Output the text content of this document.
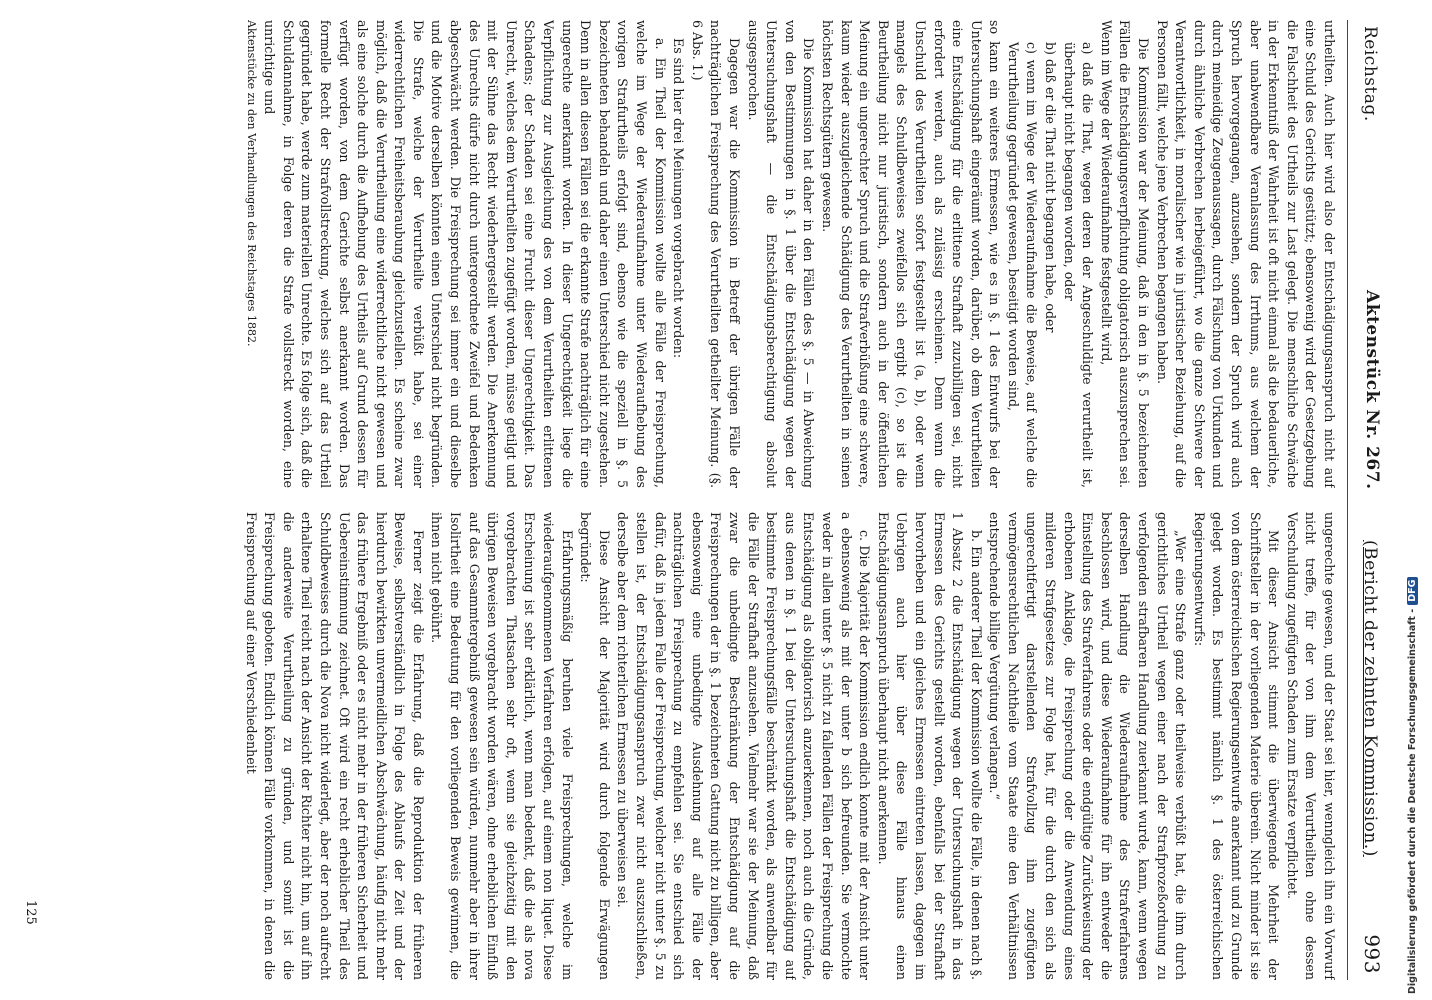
Reichstag.
Aktenstück Nr. 267.
(Bericht der zehnten Kommission.)
993

urtheilten. Auch hier wird also der Entschädigungsanspruch nicht auf eine Schuld des Gerichts gestützt; ebensowenig wird der Gesetzgebung die Falschheit des Urtheils zur Last gelegt. Die menschliche Schwäche in der Erkenntniß der Wahrheit ist oft nicht einmal als die bedauerliche, aber unabwendbare Veranlassung des Irrthums, aus welchem der Spruch hervorgegangen, anzusehen, sondern der Spruch wird auch durch meineidige Zeugenaussagen, durch Fälschung von Urkunden und durch ähnliche Verbrechen herbeigeführt, wo die ganze Schwere der Verantwortlichkeit, in moralischer wie in juristischer Beziehung, auf die Personen fällt, welche jene Verbrechen begangen haben.

Die Kommission war der Meinung, daß in den in §. 5 bezeichneten Fällen die Entschädigungsverpflichtung obligatorisch auszusprechen sei. Wenn im Wege der Wiederaufnahme festgestellt wird,

a) daß die That, wegen deren der Angeschuldigte verurtheilt ist, überhaupt nicht begangen worden, oder

b) daß er die That nicht begangen habe, oder

c) wenn im Wege der Wiederaufnahme die Beweise, auf welche die Verurtheilung gegründet gewesen, beseitigt worden sind,

so kann ein weiteres Ermessen, wie es in §. 1 des Entwurfs bei der Untersuchungshaft eingeräumt worden, darüber, ob dem Verurtheilten eine Entschädigung für die erlittene Strafhaft zuzubilligen sei, nicht erfordert werden, auch als zulässig erscheinen. Denn wenn die Unschuld des Verurtheilten sofort festgestellt ist (a, b), oder wenn mangels des Schuldbeweises zweifellos sich ergibt (c), so ist die Beurtheilung nicht nur juristisch, sondern auch in der öffentlichen Meinung ein ungerechter Spruch und die Strafverbüßung eine schwere, kaum wieder auszugleichende Schädigung des Verurtheilten in seinen höchsten Rechtsgütern gewesen.

Die Kommission hat daher in den Fällen des §. 5 — in Abweichung von den Bestimmungen in §. 1 über die Entschädigung wegen der Untersuchungshaft — die Entschädigungsberechtigung absolut ausgesprochen.

Dagegen war die Kommission in Betreff der übrigen Fälle der nachträglichen Freisprechung des Verurtheilten getheilter Meinung. (§. 6 Abs. 1.)

Es sind hier drei Meinungen vorgebracht worden:

a. Ein Theil der Kommission wollte alle Fälle der Freisprechung, welche im Wege der Wiederaufnahme unter Wiederaufhebung des vorigen Strafurtheils erfolgt sind, ebenso wie die speziell in §. 5 bezeichneten behandeln und daher einen Unterschied nicht zugestehen. Denn in allen diesen Fällen sei die erkannte Strafe nachträglich für eine ungerechte anerkannt worden. In dieser Ungerechtigkeit liege die Verpflichtung zur Ausgleichung des von dem Verurtheilten erlittenen Schadens; der Schaden sei eine Frucht dieser Ungerechtigkeit. Das Unrecht, welches dem Verurtheilten zugefügt worden, müsse getilgt und mit der Sühne das Recht wiederhergestellt werden. Die Anerkennung des Unrechts dürfe nicht durch untergeordnete Zweifel und Bedenken abgeschwächt werden. Die Freisprechung sei immer ein und dieselbe und die Motive derselben könnten einen Unterschied nicht begründen. Die Strafe, welche der Verurtheilte verbüßt habe, sei einer widerrechtlichen Freiheitsberaubung gleichzustellen. Es scheine zwar möglich, daß die Verurtheilung eine widerrechtliche nicht gewesen und als eine solche durch die Aufhebung des Urtheils auf Grund dessen für verfügt worden, von dem Gerichte selbst anerkannt worden. Das formelle Recht der Strafvollstreckung, welches sich auf das Urtheil gegründet habe, werde zum materiellen Unrechte. Es folge sich, daß die Schuldannahme, in Folge deren die Strafe vollstreckt worden, eine unrichtige und

Aktenstücke zu den Verhandlungen des Reichstages 1882.

ungerechte gewesen, und der Staat sei hier, wenngleich ihn ein Vorwurf nicht treffe, für der von ihm dem Verurtheilten ohne dessen Verschuldung zugefügten Schaden zum Ersatze verpflichtet.

Mit dieser Ansicht stimmt die überwiegende Mehrheit der Schriftsteller in der vorliegenden Materie überein. Nicht minder ist sie von dem österreichischen Regierungsentwurfe anerkannt und zu Grunde gelegt worden. Es bestimmt nämlich §. 1 des österreichischen Regierungsentwurfs:

„Wer eine Strafe ganz oder theilweise verbüßt hat, die ihm durch gerichtliches Urtheil wegen einer nach der Strafprozeßordnung zu verfolgenden strafbaren Handlung zuerkannt wurde, kann, wenn wegen derselben Handlung die Wiederaufnahme des Strafverfahrens beschlossen wird, und diese Wiederaufnahme für ihn entweder die Einstellung des Strafverfahrens oder die endgültige Zurückweisung der erhobenen Anklage, die Freisprechung oder die Anwendung eines milderen Strafgesetzes zur Folge hat, für die durch den sich als ungerechtfertigt darstellenden Strafvollzug ihm zugefügten vermögensrechtlichen Nachtheile vom Staate eine den Verhältnissen entsprechende billige Vergütung verlangen.“

b. Ein anderer Theil der Kommission wollte die Fälle, in denen nach §. 1 Absatz 2 die Entschädigung wegen der Untersuchungshaft in das Ermessen des Gerichts gestellt worden, ebenfalls bei der Strafhaft hervorheben und ein gleiches Ermessen eintreten lassen, dagegen im Uebrigen auch hier über diese Fälle hinaus einen Entschädigungsanspruch überhaupt nicht anerkennen.

c. Die Majorität der Kommission endlich konnte mit der Ansicht unter a ebensowenig als mit der unter b sich befreunden. Sie vermochte weder in allen unter §. 5 nicht zu fallenden Fällen der Freisprechung die Entschädigung als obligatorisch anzuerkennen, noch auch die Gründe, aus denen in §. 1 bei der Untersuchungshaft die Entschädigung auf bestimmte Freisprechungsfälle beschränkt worden, als anwendbar für die Fälle der Strafhaft anzusehen. Vielmehr war sie der Meinung, daß zwar die unbedingte Beschränkung der Entschädigung auf die Freisprechungen der in §. 1 bezeichneten Gattung nicht zu billigen, aber ebensowenig eine unbedingte Ausdehnung auf alle Fälle der nachträglichen Freisprechung zu empfehlen sei. Sie entschied sich dafür, daß in jedem Falle der Freisprechung, welcher nicht unter §. 5 zu stellen ist, der Entschädigungsanspruch zwar nicht auszuschließen, derselbe aber dem richterlichen Ermessen zu überweisen sei.

Diese Ansicht der Majorität wird durch folgende Erwägungen begründet:

Erfahrungsmäßig beruhen viele Freisprechungen, welche im wiederaufgenommenen Verfahren erfolgen, auf einem non liquet. Diese Erscheinung ist sehr erklärlich, wenn man bedenkt, daß die als nova vorgebrachten Thatsachen sehr oft, wenn sie gleichzeitig mit den übrigen Beweisen vorgebracht worden wären, ohne erheblichen Einfluß auf das Gesammtergebniß gewesen sein würden, nunmehr aber in ihrer Isolirtheit eine Bedeutung für den vorliegenden Beweis gewinnen, die ihnen nicht gebührt.

Ferner zeigt die Erfahrung, daß die Reproduktion der früheren Beweise, selbstverständlich in Folge des Ablaufs der Zeit und der hierdurch bewirkten unvermeidlichen Abschwächung, häufig nicht mehr das frühere Ergebniß oder es nicht mehr in der früheren Sicherheit und Uebereinstimmung zeichnet. Oft wird ein recht erheblicher Theil des Schuldbeweises durch die Nova nicht widerlegt, aber der noch aufrecht erhaltene Theil reicht nach der Ansicht der Richter nicht hin, um auf ihn die anderweite Verurtheilung zu gründen, und somit ist die Freisprechung geboten. Endlich können Fälle vorkommen, in denen die Freisprechung auf einer Verschiedenheit

125	Digitalisierung gefördert durch die Deutsche Forschungsgemeinschaft -DFG
